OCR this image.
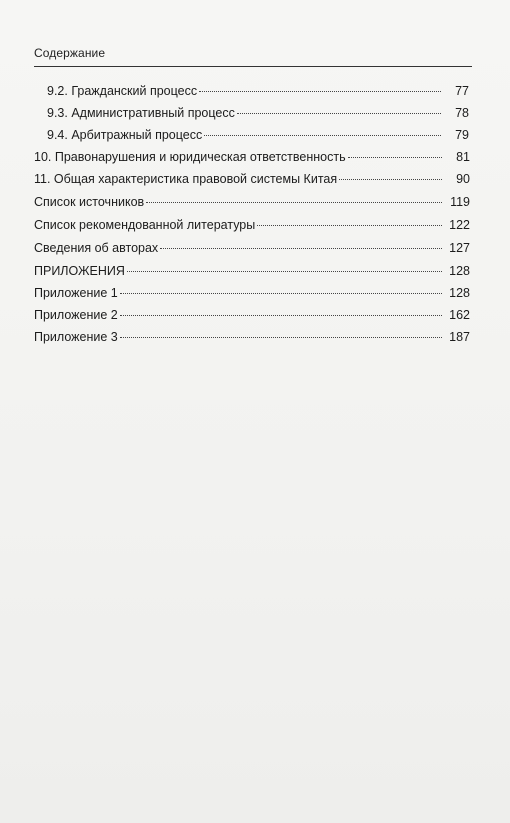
Содержание
9.2. Гражданский процесс	77
9.3. Административный процесс	78
9.4. Арбитражный процесс	79
10. Правонарушения и юридическая ответственность	81
11. Общая характеристика правовой системы Китая	90
Список источников	119
Список рекомендованной литературы	122
Сведения об авторах	127
ПРИЛОЖЕНИЯ	128
Приложение 1	128
Приложение 2	162
Приложение 3	187
